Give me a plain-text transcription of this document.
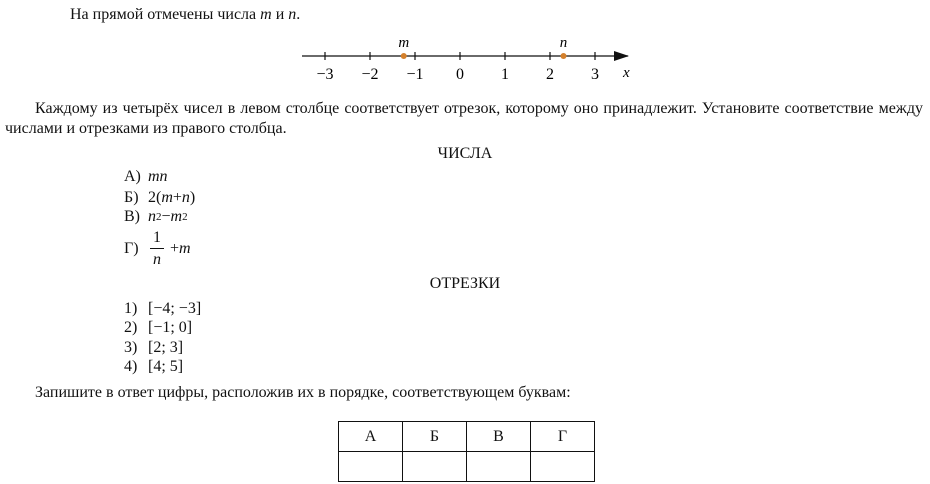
На прямой отмечены числа m и n.
−3 −2 −1 0 1 2 3
m	n
x
Каждому из четырёх чисел в левом столбце соответствует отрезок, которому оно принадлежит. Установите соответствие между числами и отрезками из правого столбца.
ЧИСЛА
А) mn
Б) 2( m + n )
В) n 2 − m 2
$Г) \frac{1}{n} + m$
ОТРЕЗКИ
1) [−4; −3]
2) [−1; 0]
3) [2; 3]
4) [4; 5]
Запишите в ответ цифры, расположив их в порядке, соответствующем буквам:
А	Б	В	Г
